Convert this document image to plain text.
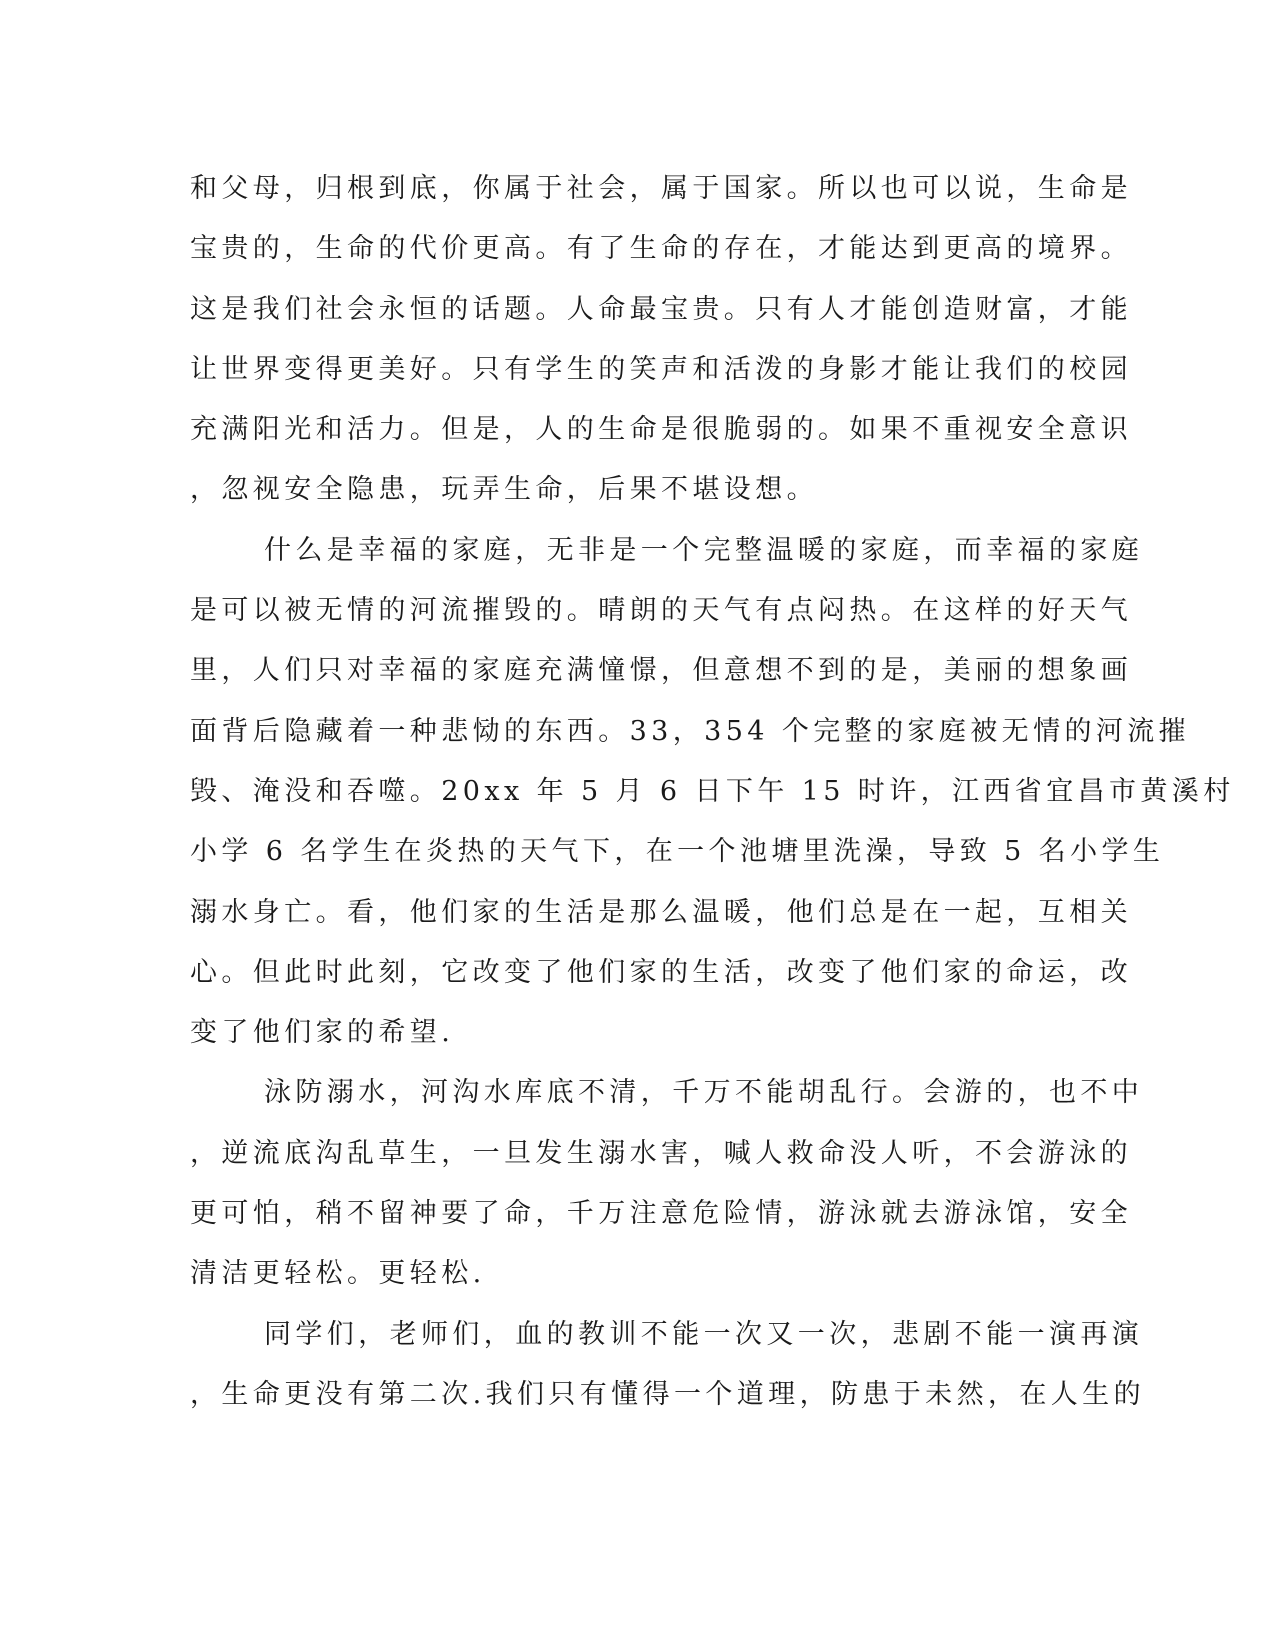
和父母，归根到底，你属于社会，属于国家。所以也可以说，生命是
宝贵的，生命的代价更高。有了生命的存在，才能达到更高的境界。
这是我们社会永恒的话题。人命最宝贵。只有人才能创造财富，才能
让世界变得更美好。只有学生的笑声和活泼的身影才能让我们的校园
充满阳光和活力。但是，人的生命是很脆弱的。如果不重视安全意识
，忽视安全隐患，玩弄生命，后果不堪设想。
什么是幸福的家庭，无非是一个完整温暖的家庭，而幸福的家庭
是可以被无情的河流摧毁的。晴朗的天气有点闷热。在这样的好天气
里，人们只对幸福的家庭充满憧憬，但意想不到的是，美丽的想象画
面背后隐藏着一种悲恸的东西。33，354 个完整的家庭被无情的河流摧
毁、淹没和吞噬。20xx 年 5 月 6 日下午 15 时许，江西省宜昌市黄溪村
小学 6 名学生在炎热的天气下，在一个池塘里洗澡，导致 5 名小学生
溺水身亡。看，他们家的生活是那么温暖，他们总是在一起，互相关
心。但此时此刻，它改变了他们家的生活，改变了他们家的命运，改
变了他们家的希望.
泳防溺水，河沟水库底不清，千万不能胡乱行。会游的，也不中
，逆流底沟乱草生，一旦发生溺水害，喊人救命没人听，不会游泳的
更可怕，稍不留神要了命，千万注意危险情，游泳就去游泳馆，安全
清洁更轻松。更轻松.
同学们，老师们，血的教训不能一次又一次，悲剧不能一演再演
，生命更没有第二次.我们只有懂得一个道理，防患于未然，在人生的
